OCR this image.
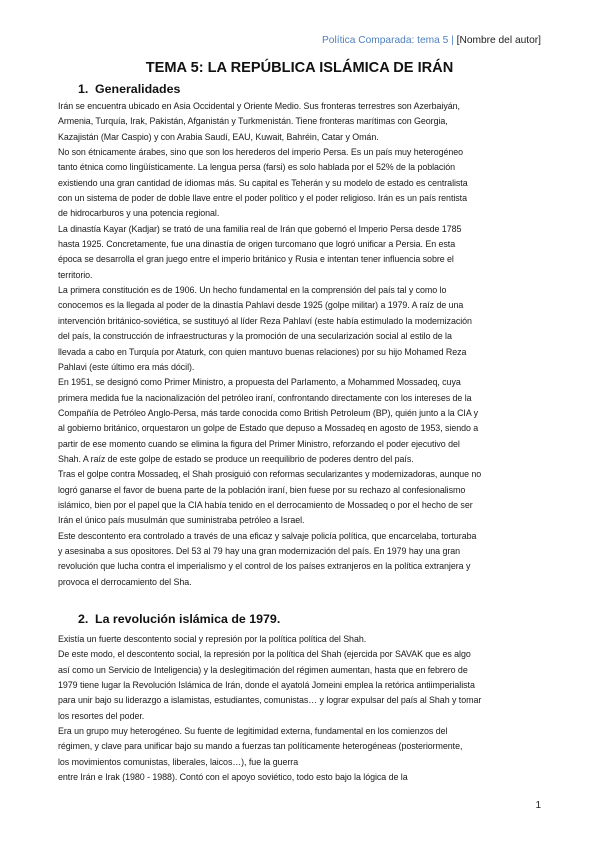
Política Comparada: tema 5 | [Nombre del autor]
TEMA 5: LA REPÚBLICA ISLÁMICA DE IRÁN
1. Generalidades
Irán se encuentra ubicado en Asia Occidental y Oriente Medio. Sus fronteras terrestres son Azerbaiyán,
Armenia, Turquía, Irak, Pakistán, Afganistán y Turkmenistán. Tiene fronteras marítimas con Georgia,
Kazajistán (Mar Caspio) y con Arabia Saudí, EAU, Kuwait, Bahréin, Catar y Omán.
No son étnicamente árabes, sino que son los herederos del imperio Persa. Es un país muy heterogéneo
tanto étnica como lingüísticamente. La lengua persa (farsi) es solo hablada por el 52% de la población
existiendo una gran cantidad de idiomas más. Su capital es Teherán y su modelo de estado es centralista
con un sistema de poder de doble llave entre el poder político y el poder religioso. Irán es un país rentista
de hidrocarburos y una potencia regional.
La dinastía Kayar (Kadjar) se trató de una familia real de Irán que gobernó el Imperio Persa desde 1785
hasta 1925. Concretamente, fue una dinastía de origen turcomano que logró unificar a Persia. En esta
época se desarrolla el gran juego entre el imperio británico y Rusia e intentan tener influencia sobre el
territorio.
La primera constitución es de 1906. Un hecho fundamental en la comprensión del país tal y como lo
conocemos es la llegada al poder de la dinastía Pahlavi desde 1925 (golpe militar) a 1979. A raíz de una
intervención británico-soviética, se sustituyó al líder Reza Pahlaví (este había estimulado la modernización
del país, la construcción de infraestructuras y la promoción de una secularización social al estilo de la
llevada a cabo en Turquía por Ataturk, con quien mantuvo buenas relaciones) por su hijo Mohamed Reza
Pahlavi (este último era más dócil).
En 1951, se designó como Primer Ministro, a propuesta del Parlamento, a Mohammed Mossadeq, cuya
primera medida fue la nacionalización del petróleo iraní, confrontando directamente con los intereses de la
Compañía de Petróleo Anglo-Persa, más tarde conocida como British Petroleum (BP), quién junto a la CIA y
al gobierno británico, orquestaron un golpe de Estado que depuso a Mossadeq en agosto de 1953, siendo a
partir de ese momento cuando se elimina la figura del Primer Ministro, reforzando el poder ejecutivo del
Shah. A raíz de este golpe de estado se produce un reequilibrio de poderes dentro del país.
Tras el golpe contra Mossadeq, el Shah prosiguió con reformas secularizantes y modernizadoras, aunque no
logró ganarse el favor de buena parte de la población iraní, bien fuese por su rechazo al confesionalismo
islámico, bien por el papel que la CIA había tenido en el derrocamiento de Mossadeq o por el hecho de ser
Irán el único país musulmán que suministraba petróleo a Israel.
Este descontento era controlado a través de una eficaz y salvaje policía política, que encarcelaba, torturaba
y asesinaba a sus opositores. Del 53 al 79 hay una gran modernización del país. En 1979 hay una gran
revolución que lucha contra el imperialismo y el control de los países extranjeros en la política extranjera y
provoca el derrocamiento del Sha.
2. La revolución islámica de 1979.
Existía un fuerte descontento social y represión por la política política del Shah.
De este modo, el descontento social, la represión por la política del Shah (ejercida por SAVAK que es algo
así como un Servicio de Inteligencia) y la deslegitimación del régimen aumentan, hasta que en febrero de
1979 tiene lugar la Revolución Islámica de Irán, donde el ayatolá Jomeini emplea la retórica antiimperialista
para unir bajo su liderazgo a islamistas, estudiantes, comunistas… y lograr expulsar del país al Shah y tomar
los resortes del poder.
Era un grupo muy heterogéneo. Su fuente de legitimidad externa, fundamental en los comienzos del
régimen, y clave para unificar bajo su mando a fuerzas tan políticamente heterogéneas (posteriormente,
los movimientos comunistas, liberales, laicos…), fue la guerra
entre Irán e Irak (1980 - 1988). Contó con el apoyo soviético, todo esto bajo la lógica de la
1
